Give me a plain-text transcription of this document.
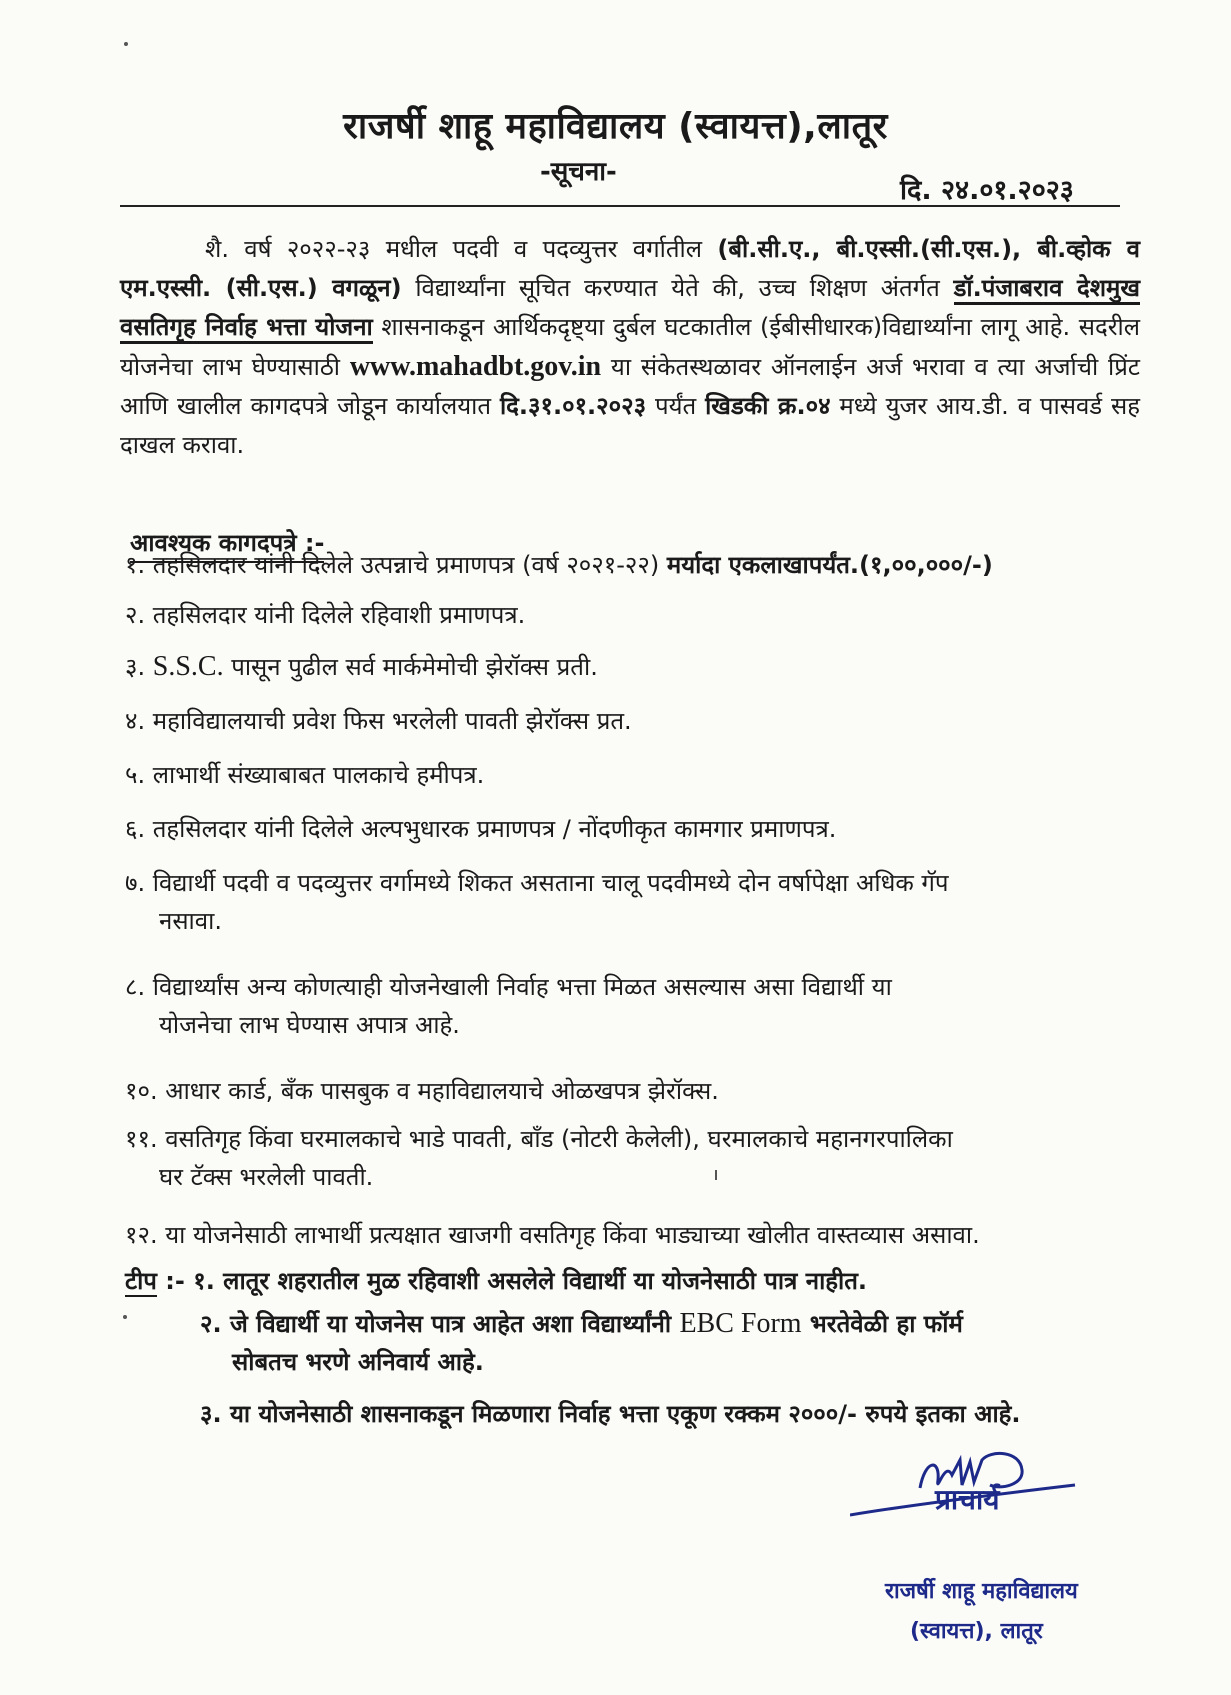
राजर्षी शाहू महाविद्यालय (स्वायत्त),लातूर
-सूचना-
दि. २४.०१.२०२३
शै. वर्ष २०२२-२३ मधील पदवी व पदव्युत्तर वर्गातील (बी.सी.ए., बी.एस्सी.(सी.एस.), बी.व्होक व एम.एस्सी. (सी.एस.) वगळून) विद्यार्थ्यांना सूचित करण्यात येते की, उच्च शिक्षण अंतर्गत डॉ.पंजाबराव देशमुख वसतिगृह निर्वाह भत्ता योजना शासनाकडून आर्थिकदृष्ट्या दुर्बल घटकातील (ईबीसीधारक)विद्यार्थ्यांना लागू आहे. सदरील योजनेचा लाभ घेण्यासाठी www.mahadbt.gov.in या संकेतस्थळावर ऑनलाईन अर्ज भरावा व त्या अर्जाची प्रिंट आणि खालील कागदपत्रे जोडून कार्यालयात दि.३१.०१.२०२३ पर्यंत खिडकी क्र.०४ मध्ये युजर आय.डी. व पासवर्ड सह दाखल करावा.
आवश्यक कागदपत्रे :-
१. तहसिलदार यांनी दिलेले उत्पन्नाचे प्रमाणपत्र (वर्ष २०२१-२२) मर्यादा एकलाखापर्यंत.(१,००,०००/-)
२. तहसिलदार यांनी दिलेले रहिवाशी प्रमाणपत्र.
३. S.S.C. पासून पुढील सर्व मार्कमेमोची झेरॉक्स प्रती.
४. महाविद्यालयाची प्रवेश फिस भरलेली पावती झेरॉक्स प्रत.
५. लाभार्थी संख्याबाबत पालकाचे हमीपत्र.
६. तहसिलदार यांनी दिलेले अल्पभुधारक प्रमाणपत्र / नोंदणीकृत कामगार प्रमाणपत्र.
७. विद्यार्थी पदवी व पदव्युत्तर वर्गामध्ये शिकत असताना चालू पदवीमध्ये दोन वर्षापेक्षा अधिक गॅप
नसावा.
८. विद्यार्थ्यांस अन्य कोणत्याही योजनेखाली निर्वाह भत्ता मिळत असल्यास असा विद्यार्थी या
योजनेचा लाभ घेण्यास अपात्र आहे.
१०. आधार कार्ड, बँक पासबुक व महाविद्यालयाचे ओळखपत्र झेरॉक्स.
११. वसतिगृह किंवा घरमालकाचे भाडे पावती, बाँड (नोटरी केलेली), घरमालकाचे महानगरपालिका
घर टॅक्स भरलेली पावती.
१२. या योजनेसाठी लाभार्थी प्रत्यक्षात खाजगी वसतिगृह किंवा भाड्याच्या खोलीत वास्तव्यास असावा.
टीप :- १. लातूर शहरातील मुळ रहिवाशी असलेले विद्यार्थी या योजनेसाठी पात्र नाहीत.
२. जे विद्यार्थी या योजनेस पात्र आहेत अशा विद्यार्थ्यांनी EBC Form भरतेवेळी हा फॉर्म
सोबतच भरणे अनिवार्य आहे.
३. या योजनेसाठी शासनाकडून मिळणारा निर्वाह भत्ता एकूण रक्कम २०००/- रुपये इतका आहे.
प्राचार्य
राजर्षी शाहू महाविद्यालय
(स्वायत्त), लातूर
